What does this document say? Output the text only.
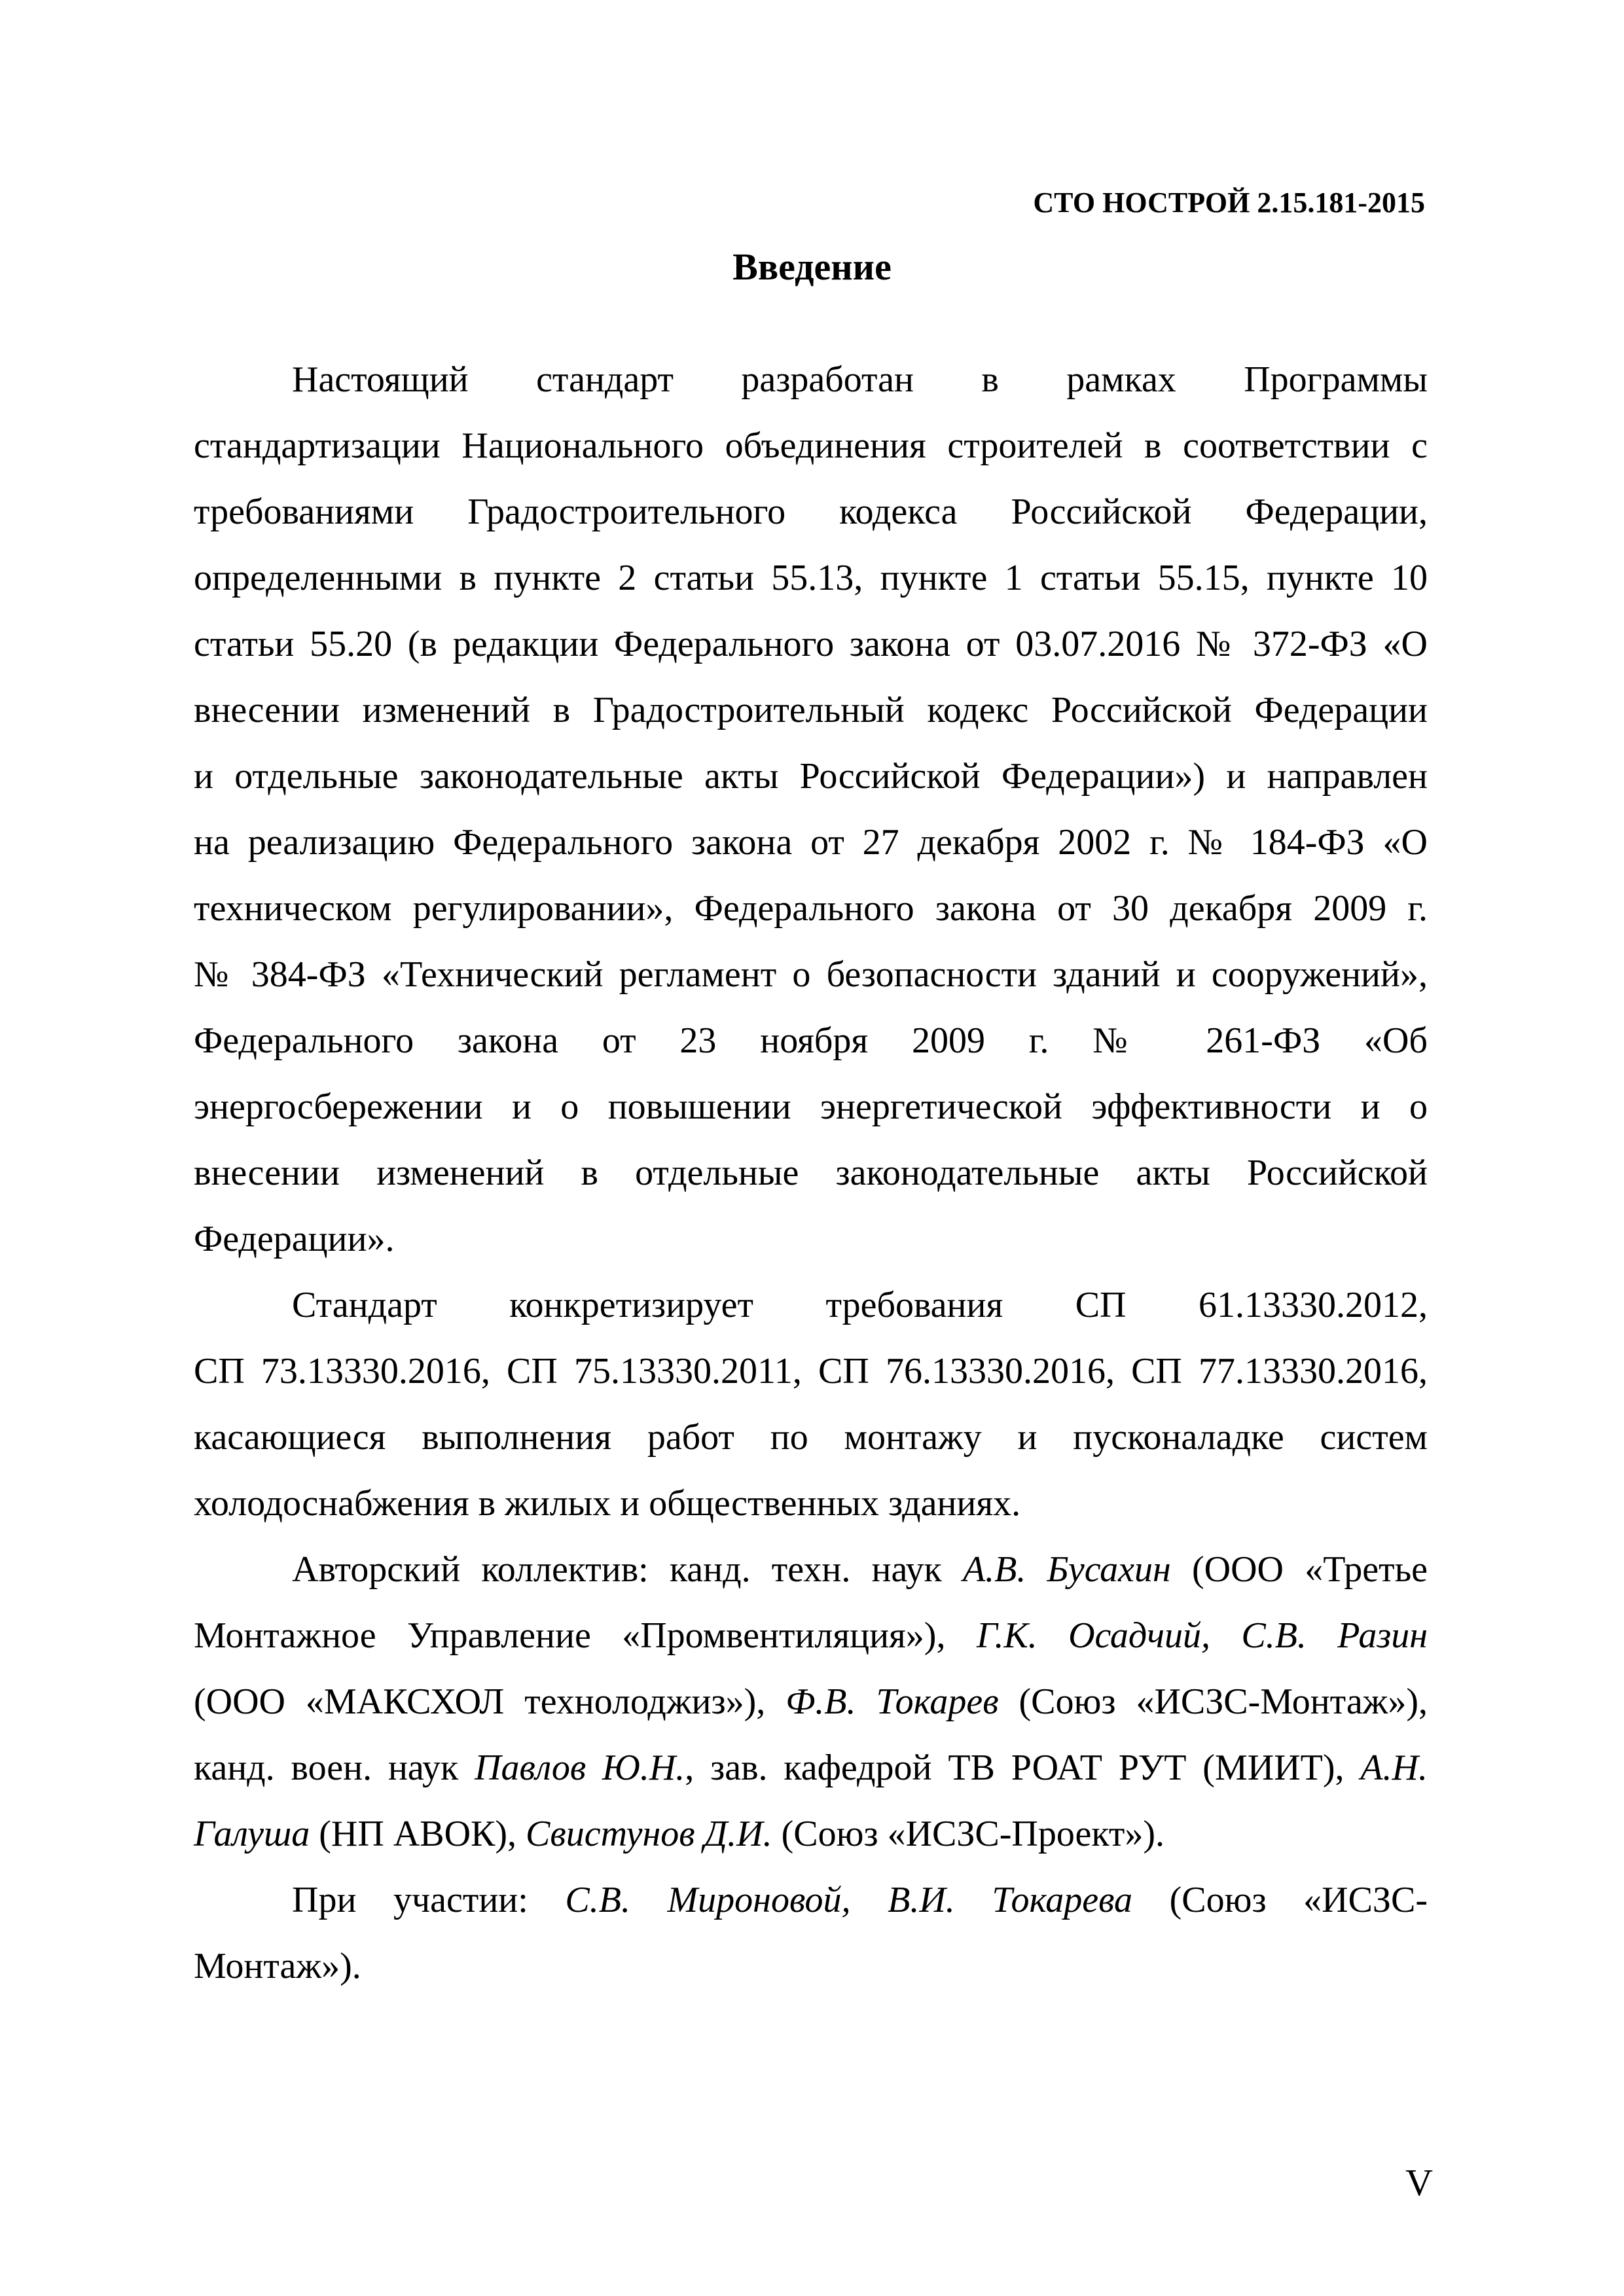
СТО НОСТРОЙ 2.15.181-2015
Введение
Настоящий стандарт разработан в рамках Программы
стандартизации Национального объединения строителей в соответствии с
требованиями Градостроительного кодекса Российской Федерации,
определенными в пункте 2 статьи 55.13, пункте 1 статьи 55.15, пункте 10
статьи 55.20 (в редакции Федерального закона от 03.07.2016 № 372-ФЗ «О
внесении изменений в Градостроительный кодекс Российской Федерации
и отдельные законодательные акты Российской Федерации») и направлен
на реализацию Федерального закона от 27 декабря 2002 г. № 184-ФЗ «О
техническом регулировании», Федерального закона от 30 декабря 2009 г.
№ 384-ФЗ «Технический регламент о безопасности зданий и сооружений»,
Федерального закона от 23 ноября 2009 г. № 261-ФЗ «Об
энергосбережении и о повышении энергетической эффективности и о
внесении изменений в отдельные законодательные акты Российской
Федерации».
Стандарт конкретизирует требования СП 61.13330.2012,
СП 73.13330.2016, СП 75.13330.2011, СП 76.13330.2016, СП 77.13330.2016,
касающиеся выполнения работ по монтажу и пусконаладке систем
холодоснабжения в жилых и общественных зданиях.
Авторский коллектив: канд. техн. наук А.В. Бусахин (ООО «Третье
Монтажное Управление «Промвентиляция»), Г.К. Осадчий, С.В. Разин
(ООО «МАКСХОЛ технолоджиз»), Ф.В. Токарев (Союз «ИСЗС-Монтаж»),
канд. воен. наук Павлов Ю.Н., зав. кафедрой ТВ РОАТ РУТ (МИИТ), А.Н.
Галуша (НП АВОК), Свистунов Д.И. (Союз «ИСЗС-Проект»).
При участии: С.В. Мироновой, В.И. Токарева (Союз «ИСЗС-
Монтаж»).
V
